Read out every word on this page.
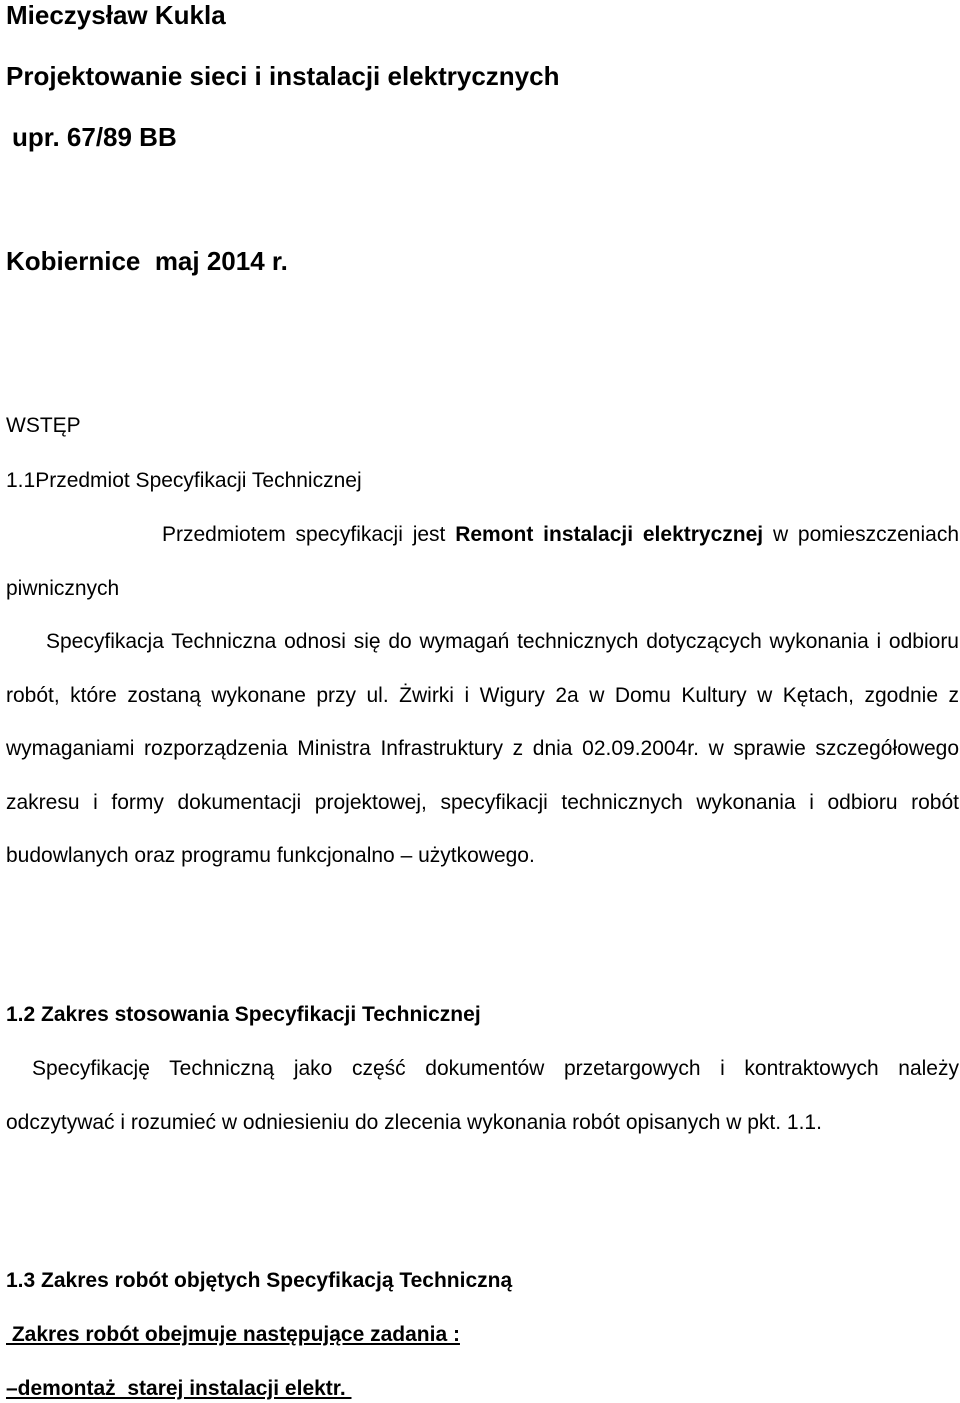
Mieczysław Kukla
Projektowanie sieci i instalacji elektrycznych
upr. 67/89 BB
Kobiernice  maj 2014 r.
WSTĘP
1.1Przedmiot Specyfikacji Technicznej

Przedmiotem specyfikacji jest Remont instalacji elektrycznej w pomieszczeniach piwnicznych

Specyfikacja Techniczna odnosi się do wymagań technicznych dotyczących wykonania i odbioru robót, które zostaną wykonane przy ul. Żwirki i Wigury 2a w Domu Kultury w Kętach, zgodnie z wymaganiami rozporządzenia Ministra Infrastruktury z dnia 02.09.2004r. w sprawie szczegółowego zakresu i formy dokumentacji projektowej, specyfikacji technicznych wykonania i odbioru robót budowlanych oraz programu funkcjonalno – użytkowego.

1.2 Zakres stosowania Specyfikacji Technicznej

Specyfikację Techniczną jako część dokumentów przetargowych i kontraktowych należy odczytywać i rozumieć w odniesieniu do zlecenia wykonania robót opisanych w pkt. 1.1.

1.3 Zakres robót objętych Specyfikacją Techniczną
Zakres robót obejmuje następujące zadania :
–demontaż  starej instalacji elektr.
